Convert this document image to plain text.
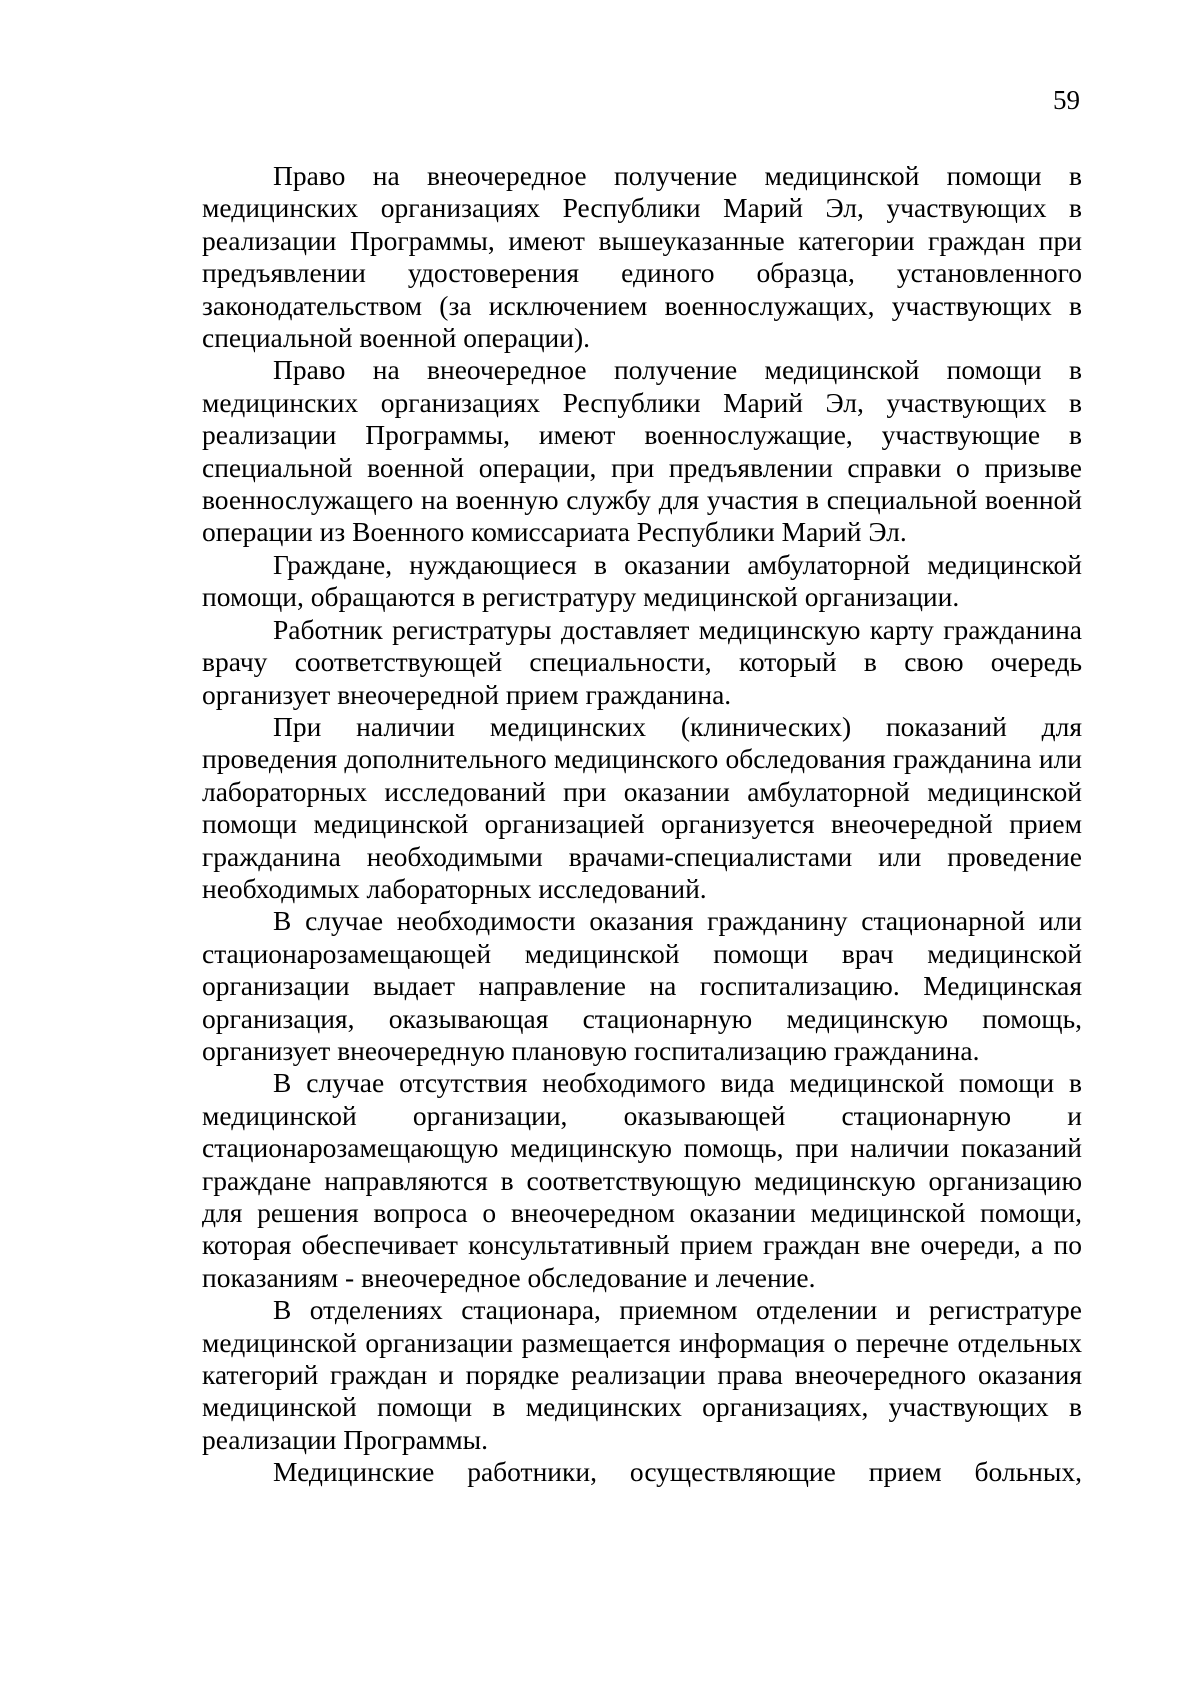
59

Право на внеочередное получение медицинской помощи в медицинских организациях Республики Марий Эл, участвующих в реализации Программы, имеют вышеуказанные категории граждан при предъявлении удостоверения единого образца, установленного законодательством (за исключением военнослужащих, участвующих в специальной военной операции).

Право на внеочередное получение медицинской помощи в медицинских организациях Республики Марий Эл, участвующих в реализации Программы, имеют военнослужащие, участвующие в специальной военной операции, при предъявлении справки о призыве военнослужащего на военную службу для участия в специальной военной операции из Военного комиссариата Республики Марий Эл.

Граждане, нуждающиеся в оказании амбулаторной медицинской помощи, обращаются в регистратуру медицинской организации.

Работник регистратуры доставляет медицинскую карту гражданина врачу соответствующей специальности, который в свою очередь организует внеочередной прием гражданина.

При наличии медицинских (клинических) показаний для проведения дополнительного медицинского обследования гражданина или лабораторных исследований при оказании амбулаторной медицинской помощи медицинской организацией организуется внеочередной прием гражданина необходимыми врачами-специалистами или проведение необходимых лабораторных исследований.

В случае необходимости оказания гражданину стационарной или стационарозамещающей медицинской помощи врач медицинской организации выдает направление на госпитализацию. Медицинская организация, оказывающая стационарную медицинскую помощь, организует внеочередную плановую госпитализацию гражданина.

В случае отсутствия необходимого вида медицинской помощи в медицинской организации, оказывающей стационарную и стационарозамещающую медицинскую помощь, при наличии показаний граждане направляются в соответствующую медицинскую организацию для решения вопроса о внеочередном оказании медицинской помощи, которая обеспечивает консультативный прием граждан вне очереди, а по показаниям - внеочередное обследование и лечение.

В отделениях стационара, приемном отделении и регистратуре медицинской организации размещается информация о перечне отдельных категорий граждан и порядке реализации права внеочередного оказания медицинской помощи в медицинских организациях, участвующих в реализации Программы.

Медицинские работники, осуществляющие прием больных,
